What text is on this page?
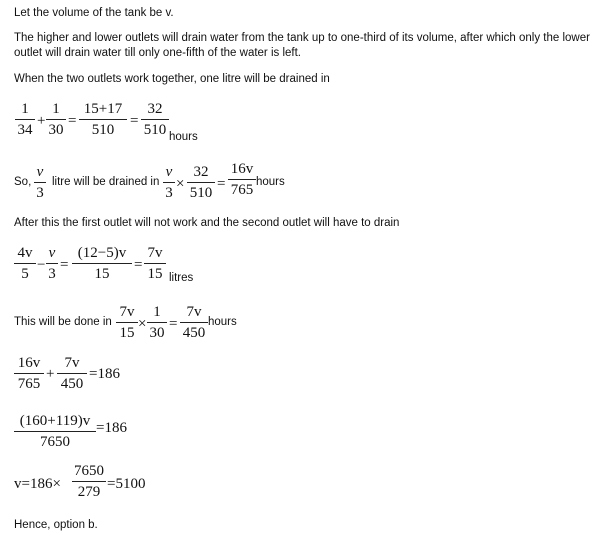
Let the volume of the tank be v.
The higher and lower outlets will drain water from the tank up to one-third of its volume, after which only the lower
outlet will drain water till only one-fifth of the water is left.
When the two outlets work together, one litre will be drained in
1
34
+
1
30
=
15+17
510
=
32
510 hours
So,
v
3
litre will be drained in
v
3
×
32
510
=
16v
765 hours
After this the first outlet will not work and the second outlet will have to drain
4v
5
−
v
3
=
(12−5)v
15
=
7v
15 litres
This will be done in
7v
15
×
1
30
=
7v
450
hours
16v
765
+
7v
450
=186
(160+119)v
7650
=186
v=186×
7650
279 =5100
Hence, option b.
